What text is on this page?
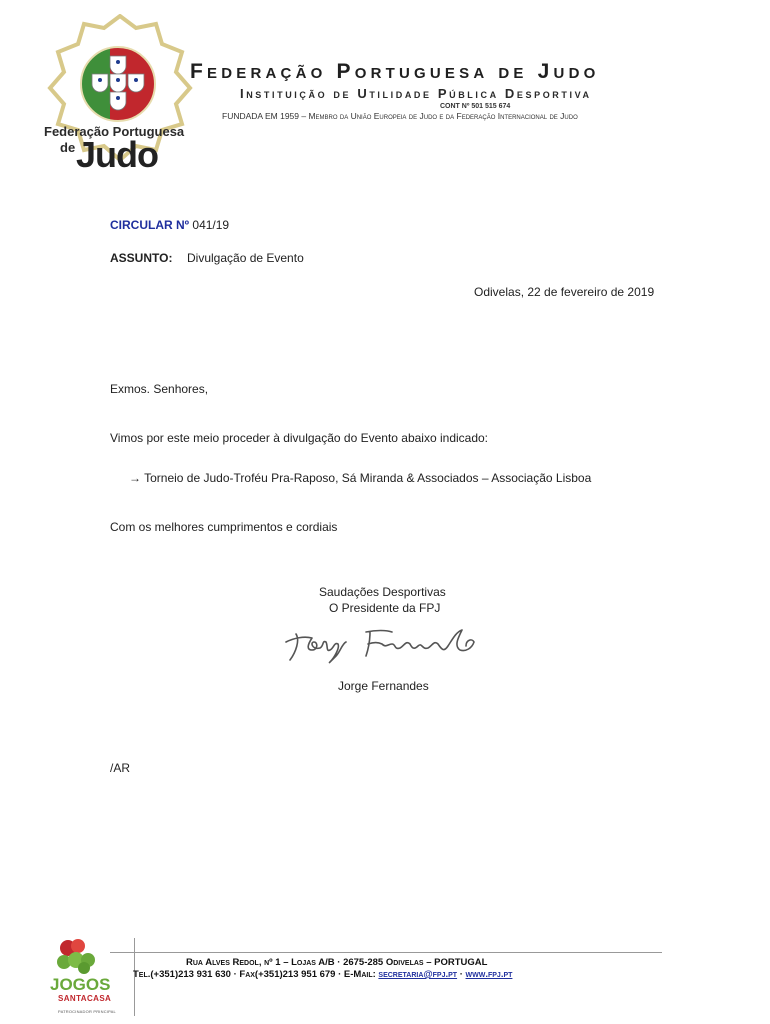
Federação Portuguesa
de Judo
Federação Portuguesa de Judo
Instituição de Utilidade Pública Desportiva
CONT Nº 501 515 674
FUNDADA EM 1959 – Membro da União Europeia de Judo e da Federação Internacional de Judo
CIRCULAR Nº 041/19
ASSUNTO: Divulgação de Evento
Odivelas, 22 de fevereiro de 2019
Exmos. Senhores,
Vimos por este meio proceder à divulgação do Evento abaixo indicado:
→ Torneio de Judo-Troféu Pra-Raposo, Sá Miranda & Associados – Associação Lisboa
Com os melhores cumprimentos e cordiais
Saudações Desportivas
O Presidente da FPJ
Jorge Fernandes
/AR
JOGOS
SANTACASA
PATROCINADOR PRINCIPAL
Rua Alves Redol, nº 1 – Lojas A/B · 2675-285 Odivelas – PORTUGAL
Tel.(+351)213 931 630 · Fax(+351)213 951 679 · E-Mail: secretaria@fpj.pt · www.fpj.pt
